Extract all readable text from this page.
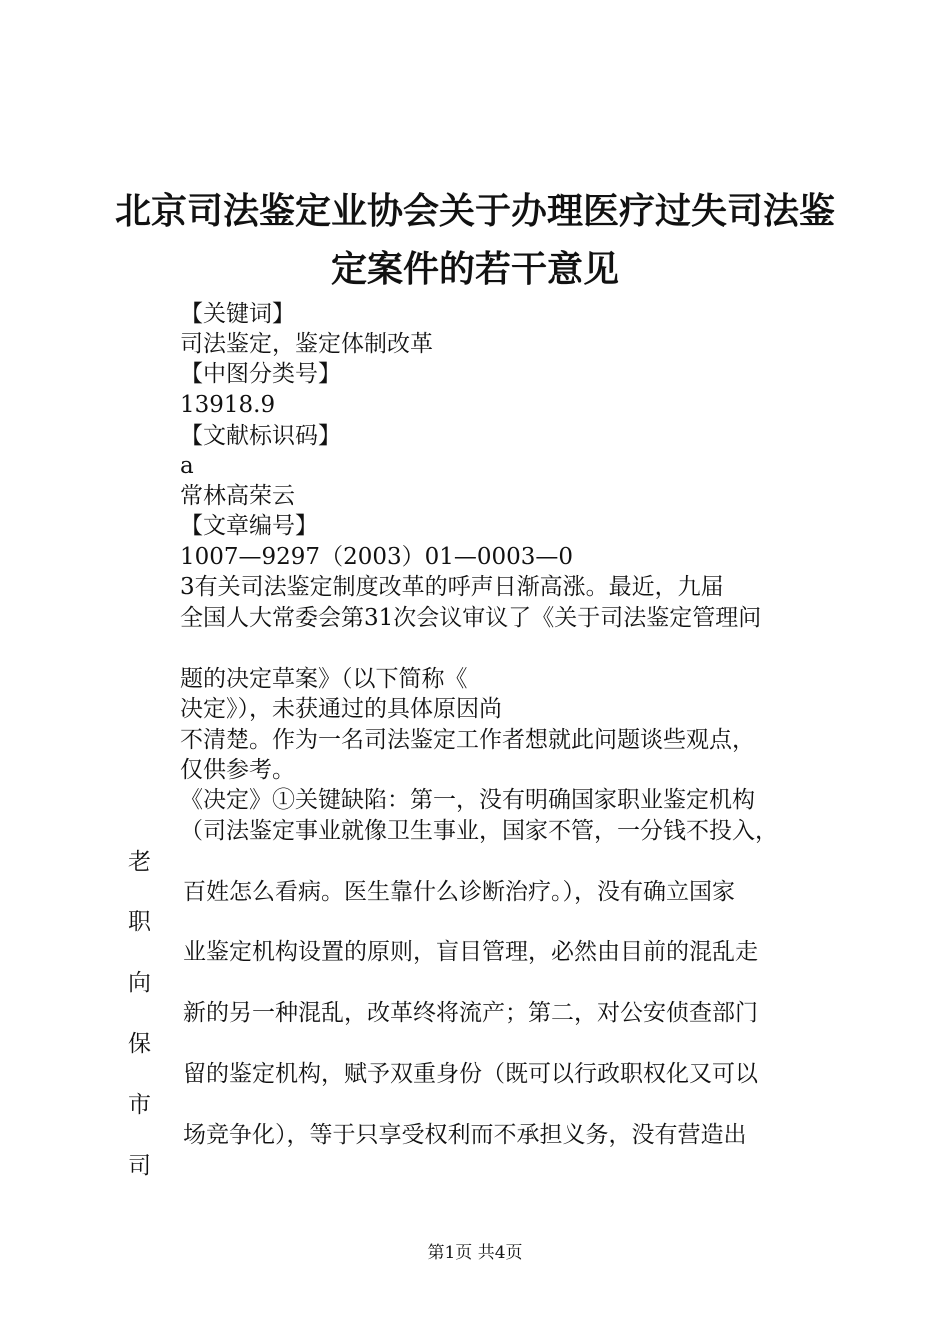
北京司法鉴定业协会关于办理医疗过失司法鉴
定案件的若干意见

【关键词】

司法鉴定，鉴定体制改革

【中图分类号】

13918.9

【文献标识码】

a

常林高荣云

【文章编号】

1007—9297（2003）01—0003—0

3有关司法鉴定制度改革的呼声日渐高涨。最近，九届

全国人大常委会第31次会议审议了《关于司法鉴定管理问

题的决定草案》（以下简称《

决定》），未获通过的具体原因尚

不清楚。作为一名司法鉴定工作者想就此问题谈些观点，

仅供参考。

《决定》①关键缺陷：第一，没有明确国家职业鉴定机构

（司法鉴定事业就像卫生事业，国家不管，一分钱不投入，

百姓怎么看病。医生靠什么诊断治疗。），没有确立国家

业鉴定机构设置的原则，盲目管理，必然由目前的混乱走

新的另一种混乱，改革终将流产；第二，对公安侦查部门

留的鉴定机构，赋予双重身份（既可以行政职权化又可以

场竞争化），等于只享受权利而不承担义务，没有营造出

老
职
向
保
市
司
第1页 共4页
